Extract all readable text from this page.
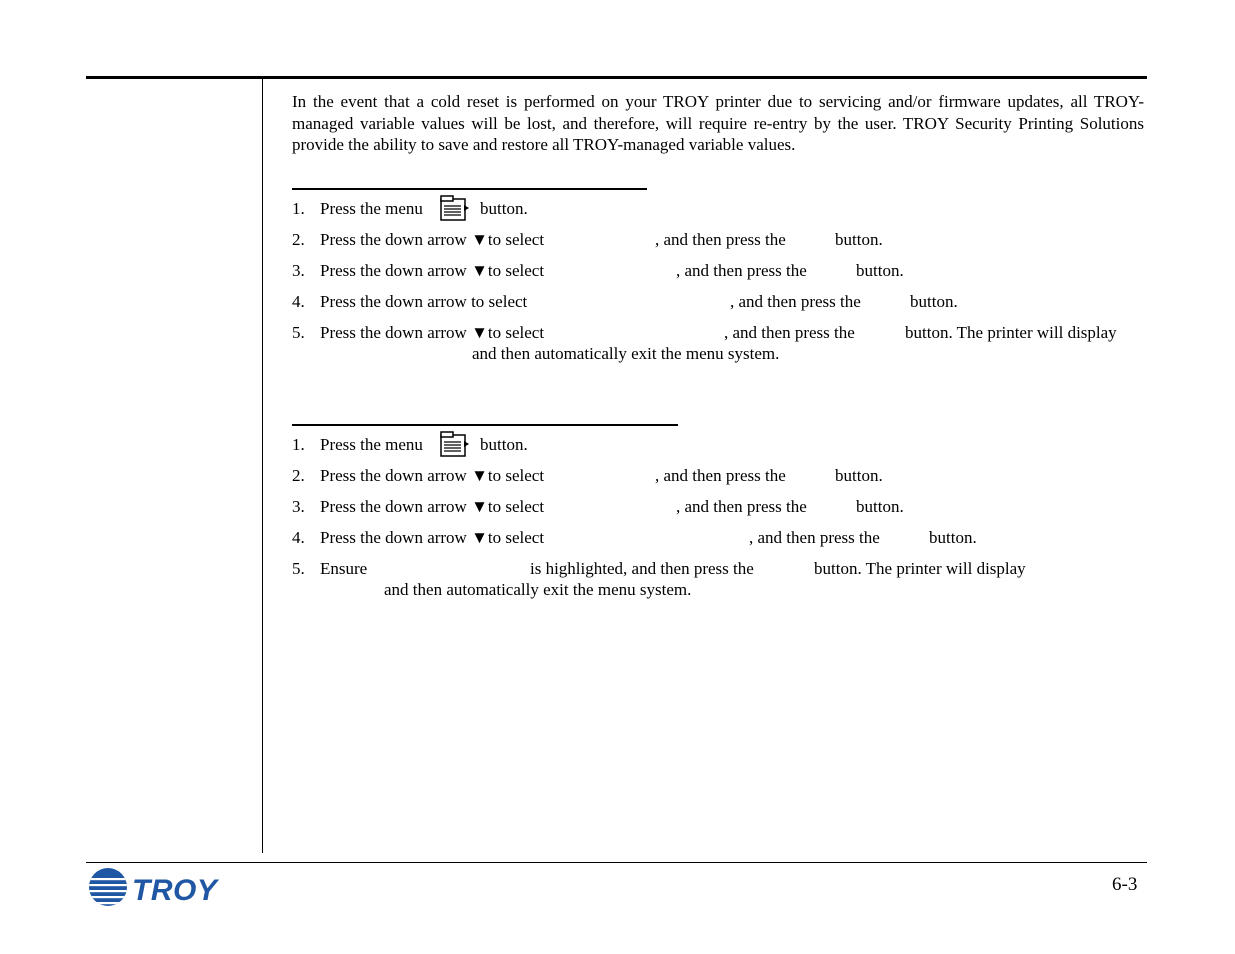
In the event that a cold reset is performed on your TROY printer due to servicing and/or firmware updates, all TROY-managed variable values will be lost, and therefore, will require re-entry by the user. TROY Security Printing Solutions provide the ability to save and restore all TROY-managed variable values.

1. Press the menu	button.
2. Press the down arrow ▼to select	, and then press the	button.
3. Press the down arrow ▼to select	, and then press the	button.
4. Press the down arrow to select	, and then press the	button.
5. Press the down arrow ▼to select	, and then press the	button. The printer will display
and then automatically exit the menu system.
1. Press the menu	button.
2. Press the down arrow ▼to select	, and then press the	button.
3. Press the down arrow ▼to select	, and then press the	button.
4. Press the down arrow ▼to select	, and then press the	button.
5. Ensure	is highlighted, and then press the	button. The printer will display
and then automatically exit the menu system.
TROY	6-3
